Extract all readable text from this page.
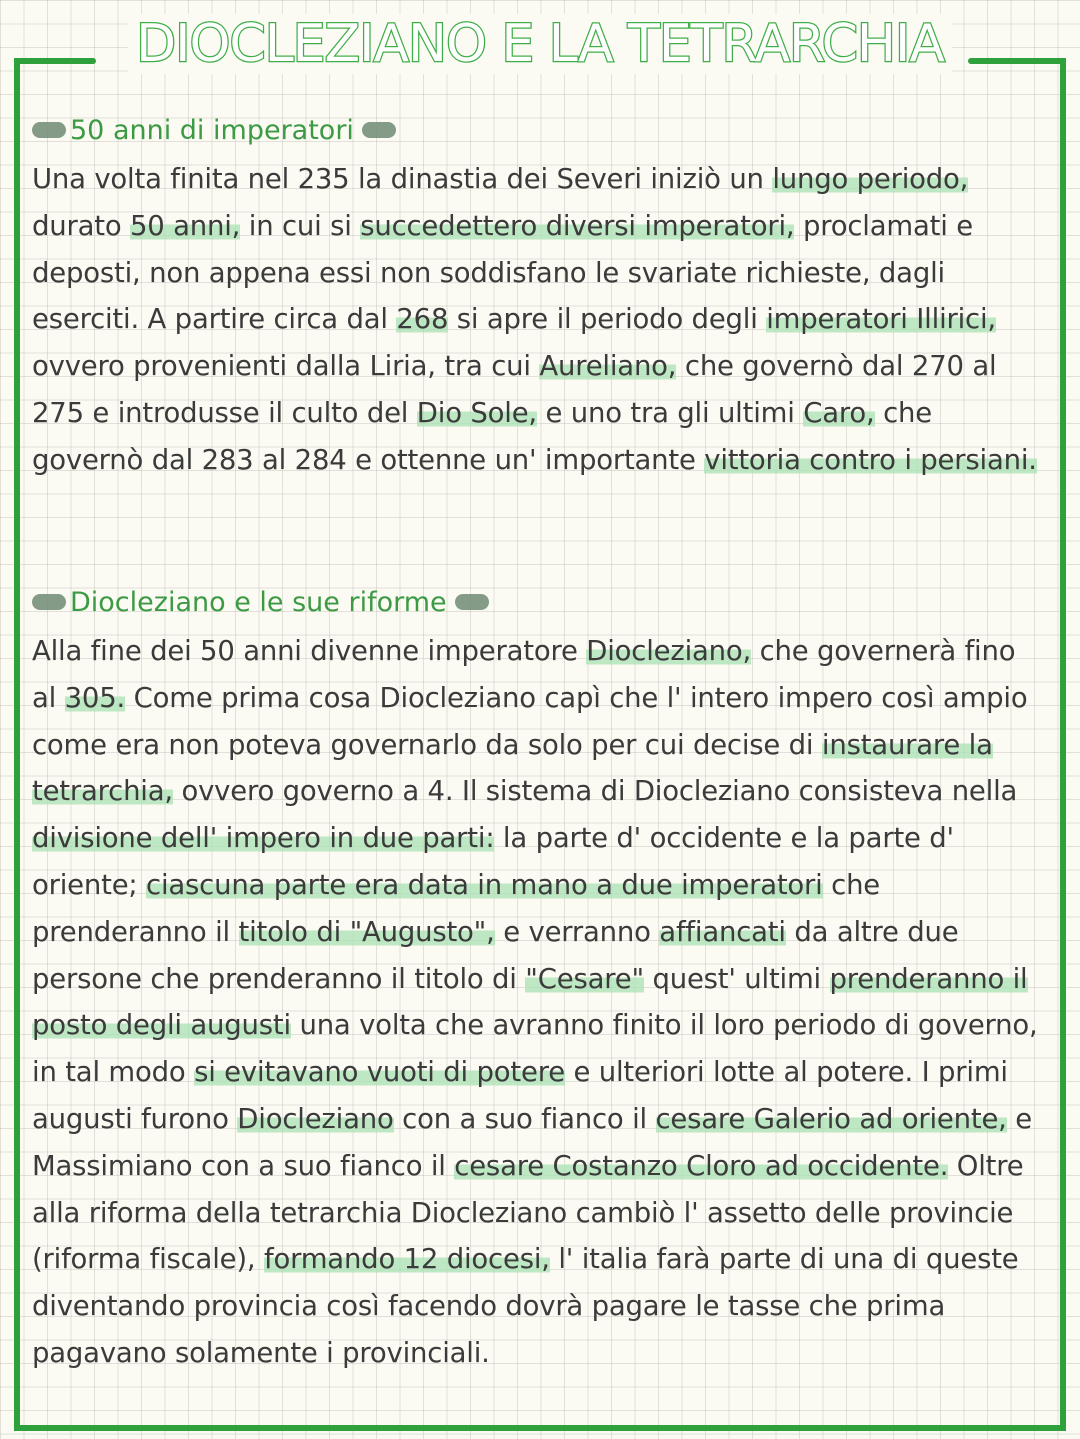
DIOCLEZIANO E LA TETRARCHIA
50 anni di imperatori

Una volta finita nel 235 la dinastia dei Severi iniziò un lungo periodo, durato 50 anni, in cui si succedettero diversi imperatori, proclamati e deposti, non appena essi non soddisfano le svariate richieste, dagli eserciti. A partire circa dal 268 si apre il periodo degli imperatori Illirici, ovvero provenienti dalla Liria, tra cui Aureliano, che governò dal 270 al 275 e introdusse il culto del Dio Sole, e uno tra gli ultimi Caro, che governò dal 283 al 284 e ottenne un' importante vittoria contro i persiani.

Diocleziano e le sue riforme

Alla fine dei 50 anni divenne imperatore Diocleziano, che governerà fino al 305. Come prima cosa Diocleziano capì che l' intero impero così ampio come era non poteva governarlo da solo per cui decise di instaurare la tetrarchia, ovvero governo a 4. Il sistema di Diocleziano consisteva nella divisione dell' impero in due parti: la parte d' occidente e la parte d' oriente; ciascuna parte era data in mano a due imperatori che prenderanno il titolo di "Augusto", e verranno affiancati da altre due persone che prenderanno il titolo di "Cesare" quest' ultimi prenderanno il posto degli augusti una volta che avranno finito il loro periodo di governo, in tal modo si evitavano vuoti di potere e ulteriori lotte al potere. I primi augusti furono Diocleziano con a suo fianco il cesare Galerio ad oriente, e Massimiano con a suo fianco il cesare Costanzo Cloro ad occidente. Oltre alla riforma della tetrarchia Diocleziano cambiò l' assetto delle provincie (riforma fiscale), formando 12 diocesi, l' italia farà parte di una di queste diventando provincia così facendo dovrà pagare le tasse che prima pagavano solamente i provinciali.
